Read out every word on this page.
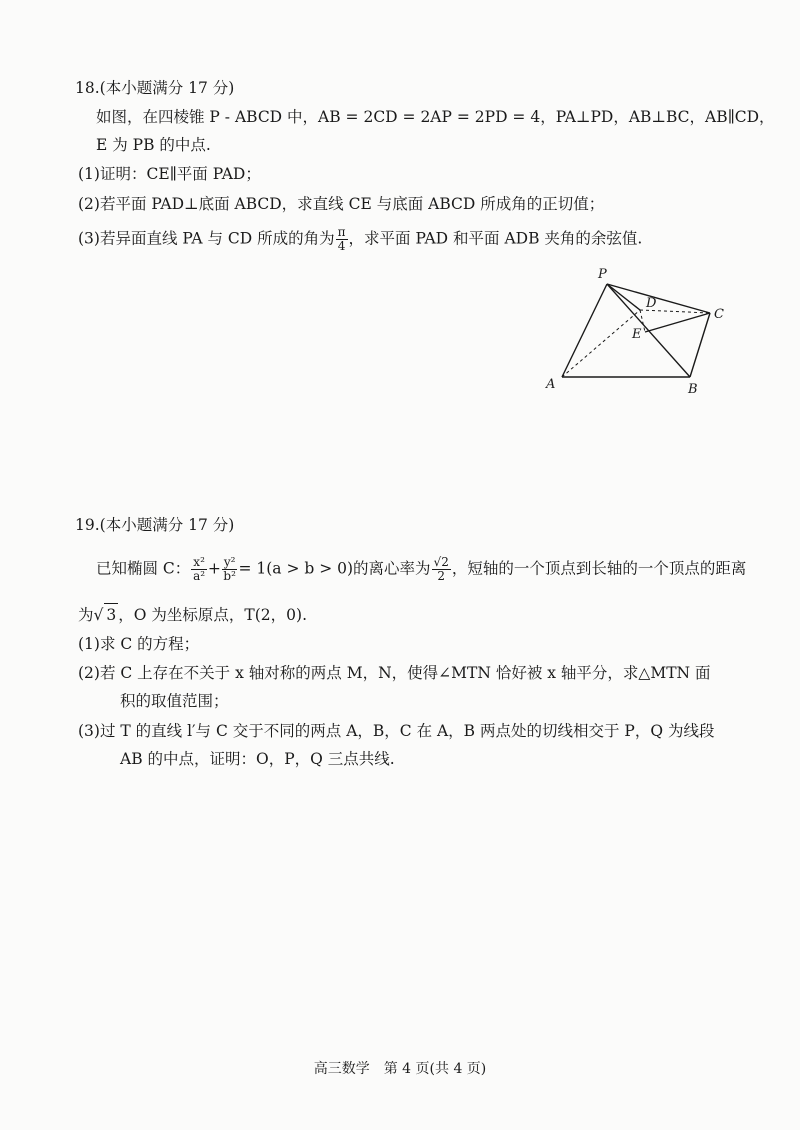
18.(本小题满分 17 分)
如图，在四棱锥 P - ABCD 中，AB = 2CD = 2AP = 2PD = 4，PA⊥PD，AB⊥BC，AB∥CD，
E 为 PB 的中点.
(1)证明：CE∥平面 PAD；
(2)若平面 PAD⊥底面 ABCD，求直线 CE 与底面 ABCD 所成角的正切值；
(3)若异面直线 PA 与 CD 所成的角为 $\frac{\pi}{4}$ ，求平面 PAD 和平面 ADB 夹角的余弦值.
P
D
C
E
A	B
19.(本小题满分 17 分)
已知椭圆 C： $\frac{\text{x²}}{\text{a²}} + \frac{\text{y²}}{\text{b²}} = 1(a > b > 0)$的离心率为 $\frac{√2}{2}$ ，短轴的一个顶点到长轴的一个顶点的距离
为√ 3 ，O 为坐标原点，T(2，0).
(1)求 C 的方程；
(2)若 C 上存在不关于 x 轴对称的两点 M，N，使得∠MTN 恰好被 x 轴平分，求△MTN 面
积的取值范围；
(3)过 T 的直线 l′与 C 交于不同的两点 A，B，C 在 A，B 两点处的切线相交于 P，Q 为线段
AB 的中点，证明：O，P，Q 三点共线.
高三数学　第 4 页(共 4 页)
